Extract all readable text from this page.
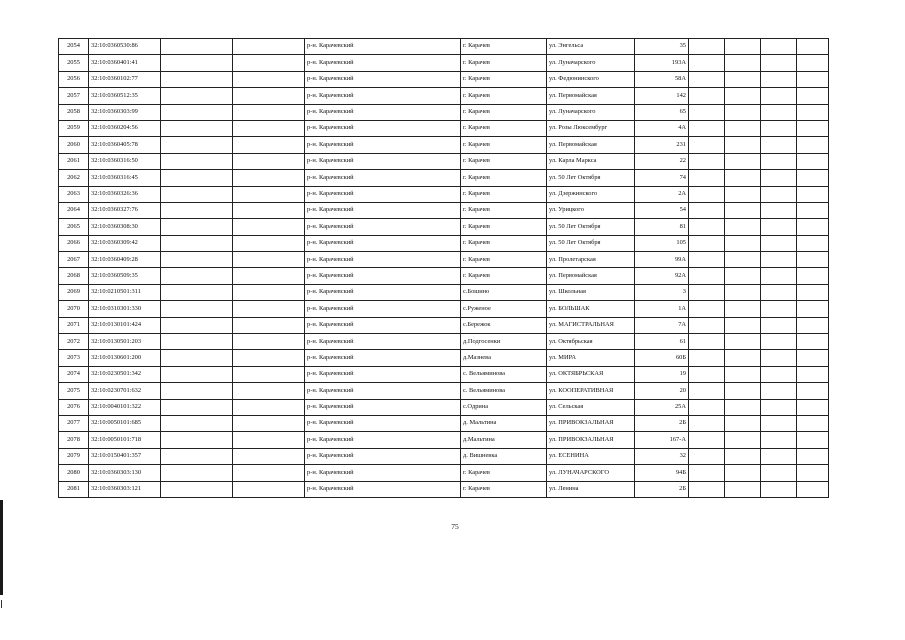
2054	32:10:0360530:86			р-н. Карачевский	г. Карачев	ул. Энгельса	35				
2055	32:10:0360401:41			р-н. Карачевский	г. Карачев	ул. Луначарского	193А				
2056	32:10:0360102:77			р-н. Карачевский	г. Карачев	ул. Федюнинского	58А				
2057	32:10:0360512:35			р-н. Карачевский	г. Карачев	ул. Первомайская	142				
2058	32:10:0360303:99			р-н. Карачевский	г. Карачев	ул. Луначарского	65				
2059	32:10:0360204:56			р-н. Карачевский	г. Карачев	ул. Розы Люксембург	4А				
2060	32:10:0360405:78			р-н. Карачевский	г. Карачев	ул. Первомайская	231				
2061	32:10:0360316:50			р-н. Карачевский	г. Карачев	ул. Карла Маркса	22				
2062	32:10:0360316:45			р-н. Карачевский	г. Карачев	ул. 50 Лет Октября	74				
2063	32:10:0360326:36			р-н. Карачевский	г. Карачев	ул. Дзержинского	2А				
2064	32:10:0360327:76			р-н. Карачевский	г. Карачев	ул. Урицкого	54				
2065	32:10:0360308:30			р-н. Карачевский	г. Карачев	ул. 50 Лет Октября	81				
2066	32:10:0360309:42			р-н. Карачевский	г. Карачев	ул. 50 Лет Октября	105				
2067	32:10:0360409:28			р-н. Карачевский	г. Карачев	ул. Пролетарская	99А				
2068	32:10:0360509:35			р-н. Карачевский	г. Карачев	ул. Первомайская	92А				
2069	32:10:0210501:311			р-н. Карачевский	с.Бошино	ул. Школьная	3				
2070	32:10:0310301:330			р-н. Карачевский	с.Руженое	ул. БОЛЬШАК	1А				
2071	32:10:0130101:424			р-н. Карачевский	с.Бережок	ул. МАГИСТРАЛЬНАЯ	7А				
2072	32:10:0130501:203			р-н. Карачевский	д.Подгосенки	ул. Октябрьская	61				
2073	32:10:0130601:200			р-н. Карачевский	д.Мазнева	ул. МИРА	60Б				
2074	32:10:0230501:342			р-н. Карачевский	с. Вельяминова	ул. ОКТЯБРЬСКАЯ	19				
2075	32:10:0230701:632			р-н. Карачевский	с. Вельяминова	ул. КООПЕРАТИВНАЯ	20				
2076	32:10:0040101:322			р-н. Карачевский	с.Одрина	ул. Сельская	25А				
2077	32:10:0050101:685			р-н. Карачевский	д. Мальтина	ул. ПРИВОКЗАЛЬНАЯ	2Б				
2078	32:10:0050101:718			р-н. Карачевский	д.Мальтина	ул. ПРИВОКЗАЛЬНАЯ	167-А				
2079	32:10:0150401:357			р-н. Карачевский	д. Вишневка	ул. ЕСЕНИНА	32				
2080	32:10:0360303:130			р-н. Карачевский	г. Карачев	ул. ЛУНАЧАРСКОГО	94Б				
2081	32:10:0360303:121			р-н. Карачевский	г. Карачев	ул. Ленина	2Б				
75
